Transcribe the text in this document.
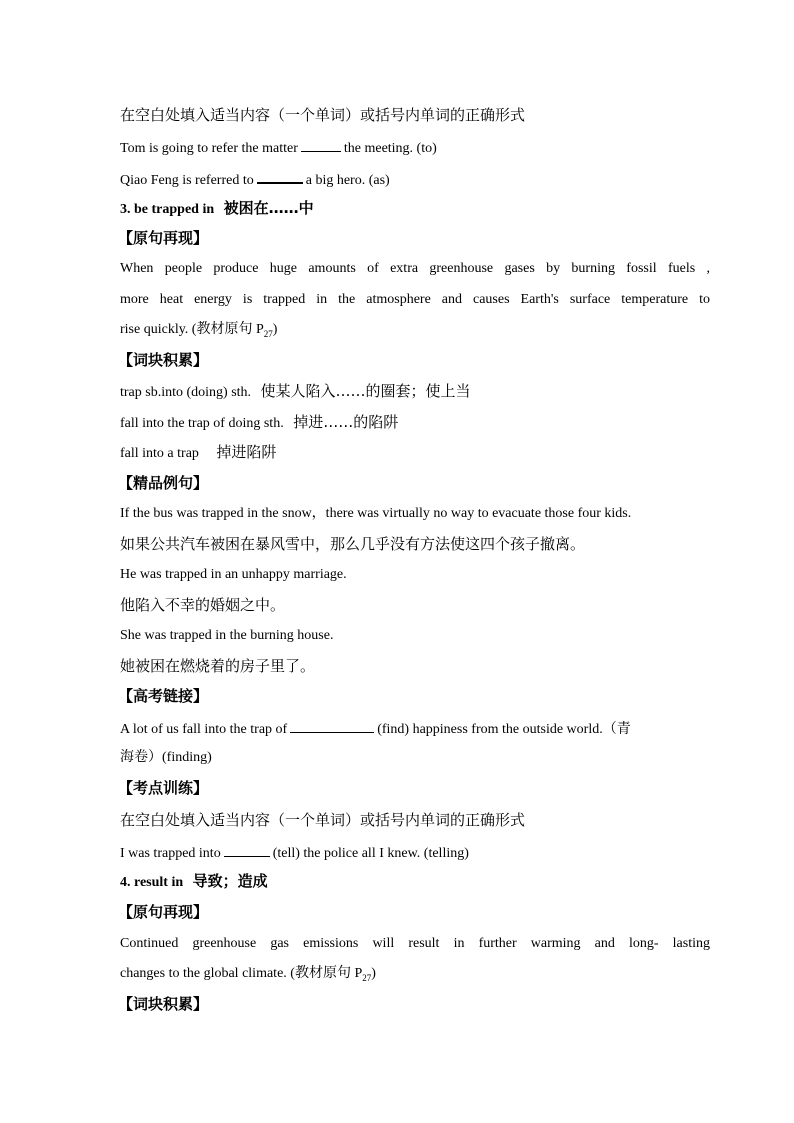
在空白处填入适当内容（一个单词）或括号内单词的正确形式
Tom is going to refer the matter	the meeting. (to)
Qiao Feng is referred to	a big hero. (as)
3. be trapped in 被困在……中
【原句再现】
When people produce huge amounts of extra greenhouse gases by burning fossil fuels ,
more heat energy is trapped in the atmosphere and causes Earth's surface temperature to
rise quickly. (教材原句 $P_{27}$)
【词块积累】
trap sb.into (doing) sth. 使某人陷入……的圈套；使上当
fall into the trap of doing sth. 掉进……的陷阱
fall into a trap 掉进陷阱
【精品例句】
If the bus was trapped in the snow，there was virtually no way to evacuate those four kids.
如果公共汽车被困在暴风雪中，那么几乎没有方法使这四个孩子撤离。
He was trapped in an unhappy marriage.
他陷入不幸的婚姻之中。
She was trapped in the burning house.
她被困在燃烧着的房子里了。
【高考链接】
A lot of us fall into the trap of	(find) happiness from the outside world.（青
海卷）(finding)
【考点训练】
在空白处填入适当内容（一个单词）或括号内单词的正确形式
I was trapped into	(tell) the police all I knew. (telling)
4. result in 导致；造成
【原句再现】
Continued greenhouse gas emissions will result in further warming and long- lasting
changes to the global climate. (教材原句 $P_{27}$)
【词块积累】
